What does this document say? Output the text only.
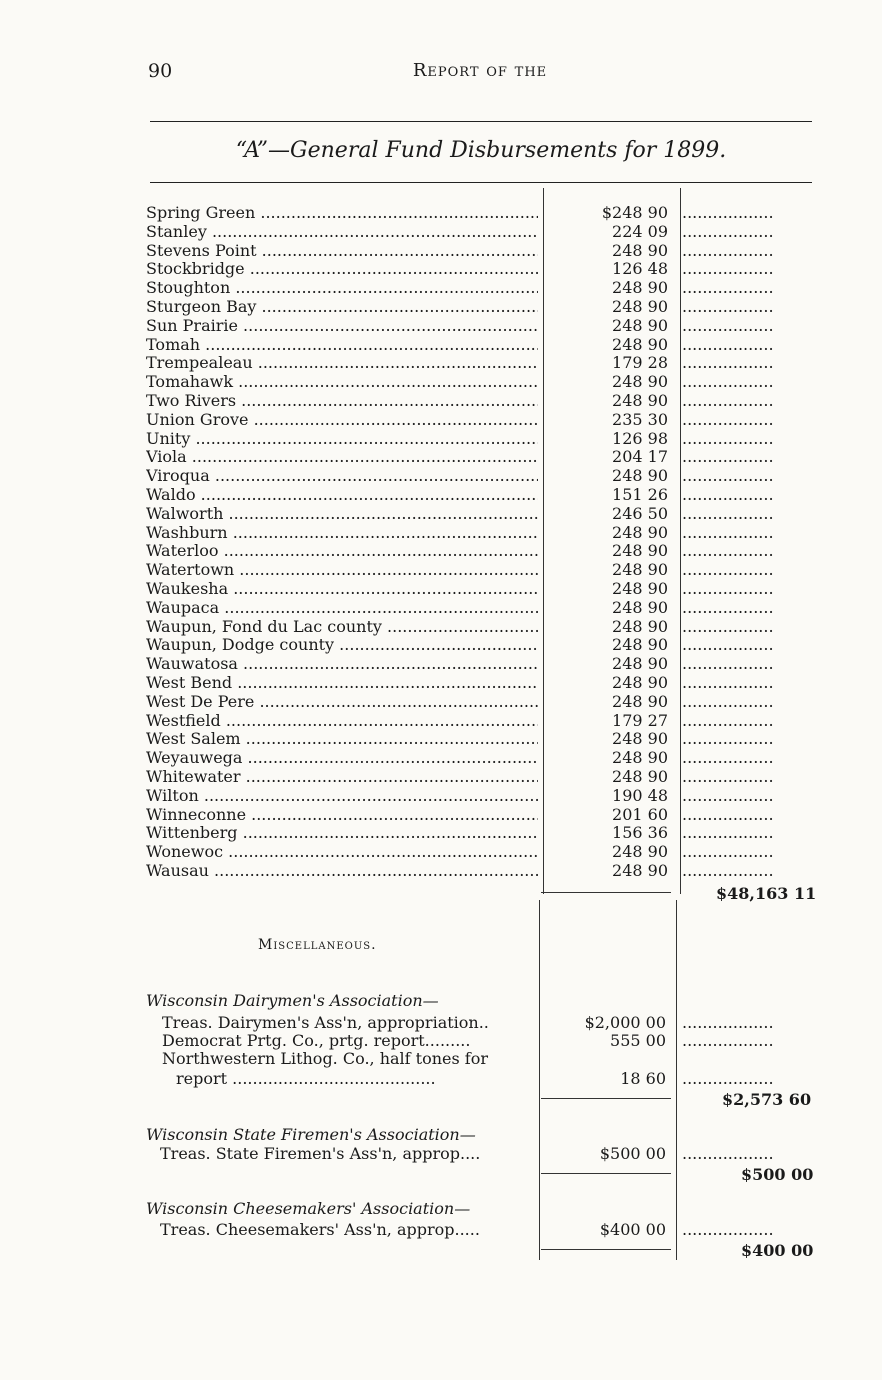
90	Report of the
“A”—General Fund Disbursements for 1899.
Spring Green .....	$248 90 ..................
Stanley .....	224 09 ..................
Stevens Point .....	248 90 ..................
Stockbridge .....	126 48 ..................
Stoughton .....	248 90 ..................
Sturgeon Bay .....	248 90 ..................
Sun Prairie .....	248 90 ..................
Tomah .....	248 90 ..................
Trempealeau .....	179 28 ..................
Tomahawk .....	248 90 ..................
Two Rivers .....	248 90 ..................
Union Grove .....	235 30 ..................
Unity .....	126 98 ..................
Viola .....	204 17 ..................
Viroqua .....	248 90 ..................
Waldo .....	151 26 ..................
Walworth .....	246 50 ..................
Washburn .....	248 90 ..................
Waterloo .....	248 90 ..................
Watertown .....	248 90 ..................
Waukesha .....	248 90 ..................
Waupaca .....	248 90 ..................
Waupun, Fond du Lac county .....	248 90 ..................
Waupun, Dodge county .....	248 90 ..................
Wauwatosa .....	248 90 ..................
West Bend .....	248 90 ..................
West De Pere .....	248 90 ..................
Westfield .....	179 27 ..................
West Salem .....	248 90 ..................
Weyauwega .....	248 90 ..................
Whitewater .....	248 90 ..................
Wilton .....	190 48 ..................
Winneconne .....	201 60 ..................
Wittenberg .....	156 36 ..................
Wonewoc .....	248 90 ..................
Wausau .....	248 90 ..................
$48,163 11
Miscellaneous.
Wisconsin Dairymen's Association—
Treas. Dairymen's Ass'n, appropriation..	$2,000 00 ..................
Democrat Prtg. Co., prtg. report.........	555 00 ..................
Northwestern Lithog. Co., half tones for
report ........................................	18 60 ..................
$2,573 60
Wisconsin State Firemen's Association—
Treas. State Firemen's Ass'n, approp....	$500 00 ..................
$500 00
Wisconsin Cheesemakers' Association—
Treas. Cheesemakers' Ass'n, approp.....	$400 00 ..................
$400 00
